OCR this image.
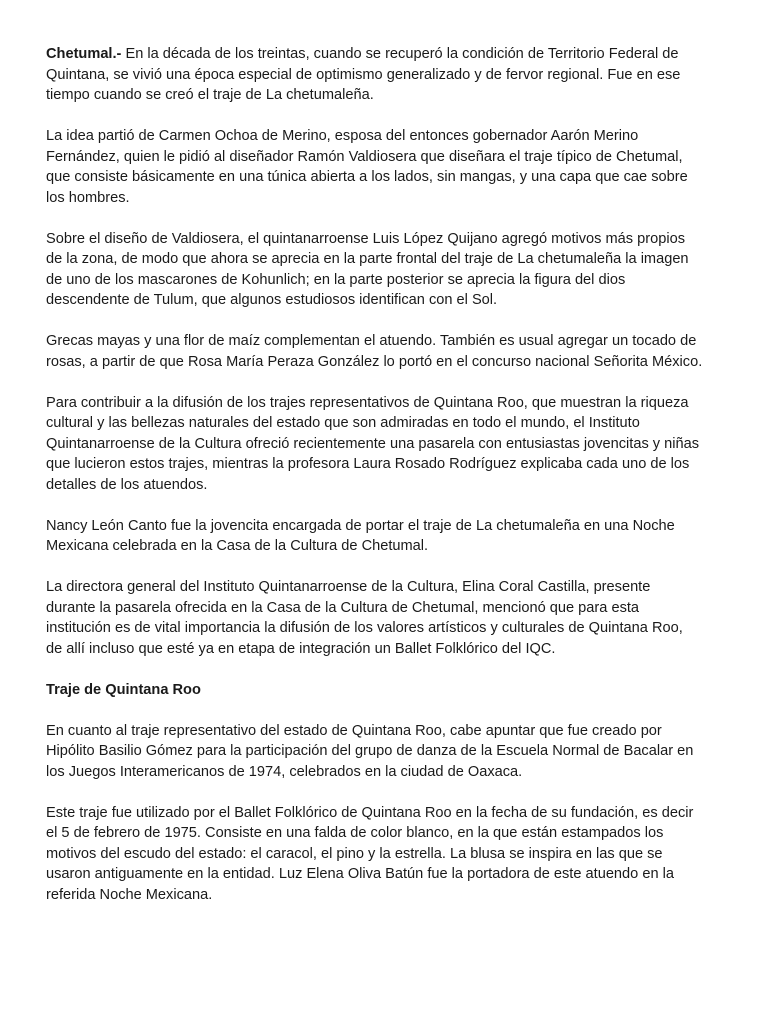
Chetumal.- En la década de los treintas, cuando se recuperó la condición de Territorio Federal de
Quintana, se vivió una época especial de optimismo generalizado y de fervor regional. Fue en ese
tiempo cuando se creó el traje de La chetumaleña.

La idea partió de Carmen Ochoa de Merino, esposa del entonces gobernador Aarón Merino
Fernández, quien le pidió al diseñador Ramón Valdiosera que diseñara el traje típico de Chetumal,
que consiste básicamente en una túnica abierta a los lados, sin mangas, y una capa que cae sobre
los hombres.

Sobre el diseño de Valdiosera, el quintanarroense Luis López Quijano agregó motivos más propios
de la zona, de modo que ahora se aprecia en la parte frontal del traje de La chetumaleña la imagen
de uno de los mascarones de Kohunlich; en la parte posterior se aprecia la figura del dios
descendente de Tulum, que algunos estudiosos identifican con el Sol.

Grecas mayas y una flor de maíz complementan el atuendo. También es usual agregar un tocado de
rosas, a partir de que Rosa María Peraza González lo portó en el concurso nacional Señorita México.

Para contribuir a la difusión de los trajes representativos de Quintana Roo, que muestran la riqueza
cultural y las bellezas naturales del estado que son admiradas en todo el mundo, el Instituto
Quintanarroense de la Cultura ofreció recientemente una pasarela con entusiastas jovencitas y niñas
que lucieron estos trajes, mientras la profesora Laura Rosado Rodríguez explicaba cada uno de los
detalles de los atuendos.

Nancy León Canto fue la jovencita encargada de portar el traje de La chetumaleña en una Noche
Mexicana celebrada en la Casa de la Cultura de Chetumal.

La directora general del Instituto Quintanarroense de la Cultura, Elina Coral Castilla, presente
durante la pasarela ofrecida en la Casa de la Cultura de Chetumal, mencionó que para esta
institución es de vital importancia la difusión de los valores artísticos y culturales de Quintana Roo,
de allí incluso que esté ya en etapa de integración un Ballet Folklórico del IQC.

Traje de Quintana Roo

En cuanto al traje representativo del estado de Quintana Roo, cabe apuntar que fue creado por
Hipólito Basilio Gómez para la participación del grupo de danza de la Escuela Normal de Bacalar en
los Juegos Interamericanos de 1974, celebrados en la ciudad de Oaxaca.

Este traje fue utilizado por el Ballet Folklórico de Quintana Roo en la fecha de su fundación, es decir
el 5 de febrero de 1975. Consiste en una falda de color blanco, en la que están estampados los
motivos del escudo del estado: el caracol, el pino y la estrella. La blusa se inspira en las que se
usaron antiguamente en la entidad. Luz Elena Oliva Batún fue la portadora de este atuendo en la
referida Noche Mexicana.
